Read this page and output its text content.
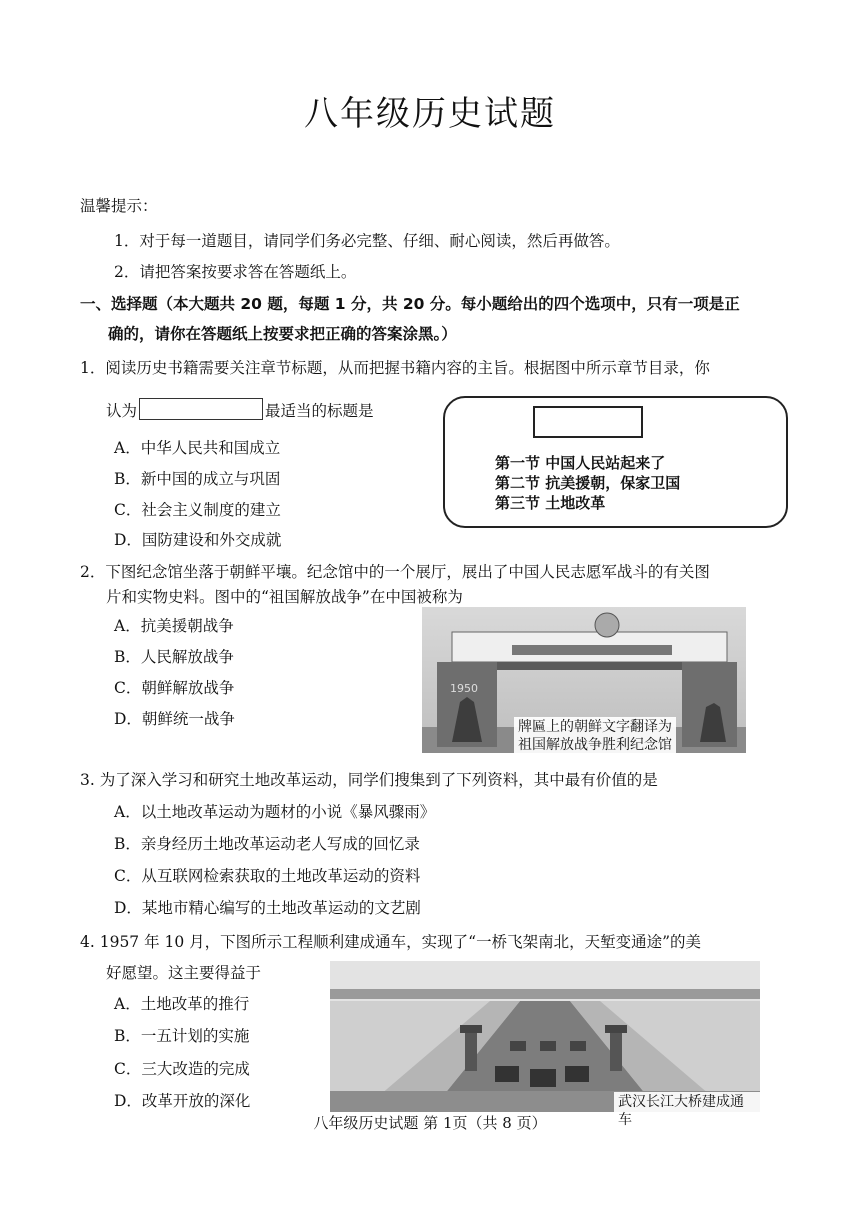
八年级历史试题
温馨提示：
1．对于每一道题目，请同学们务必完整、仔细、耐心阅读，然后再做答。
2．请把答案按要求答在答题纸上。
一、选择题（本大题共 20 题，每题 1 分，共 20 分。每小题给出的四个选项中，只有一项是正
确的，请你在答题纸上按要求把正确的答案涂黑。）
1．阅读历史书籍需要关注章节标题，从而把握书籍内容的主旨。根据图中所示章节目录，你
认为	最适当的标题是
A．中华人民共和国成立
B．新中国的成立与巩固
C．社会主义制度的建立
D．国防建设和外交成就
第一节 中国人民站起来了
第二节 抗美援朝，保家卫国
第三节 土地改革
2．下图纪念馆坐落于朝鲜平壤。纪念馆中的一个展厅，展出了中国人民志愿军战斗的有关图
片和实物史料。图中的“祖国解放战争”在中国被称为
A．抗美援朝战争
B．人民解放战争
C．朝鲜解放战争
D．朝鲜统一战争
1950
牌匾上的朝鲜文字翻译为
祖国解放战争胜利纪念馆
3. 为了深入学习和研究土地改革运动，同学们搜集到了下列资料，其中最有价值的是
A．以土地改革运动为题材的小说《暴风骤雨》
B．亲身经历土地改革运动老人写成的回忆录
C．从互联网检索获取的土地改革运动的资料
D．某地市精心编写的土地改革运动的文艺剧
4. 1957 年 10 月，下图所示工程顺利建成通车，实现了“一桥飞架南北，天堑变通途”的美
好愿望。这主要得益于
A．土地改革的推行
B．一五计划的实施
C．三大改造的完成
D．改革开放的深化	武汉长江大桥建成通车
八年级历史试题 第 1页（共 8 页）
